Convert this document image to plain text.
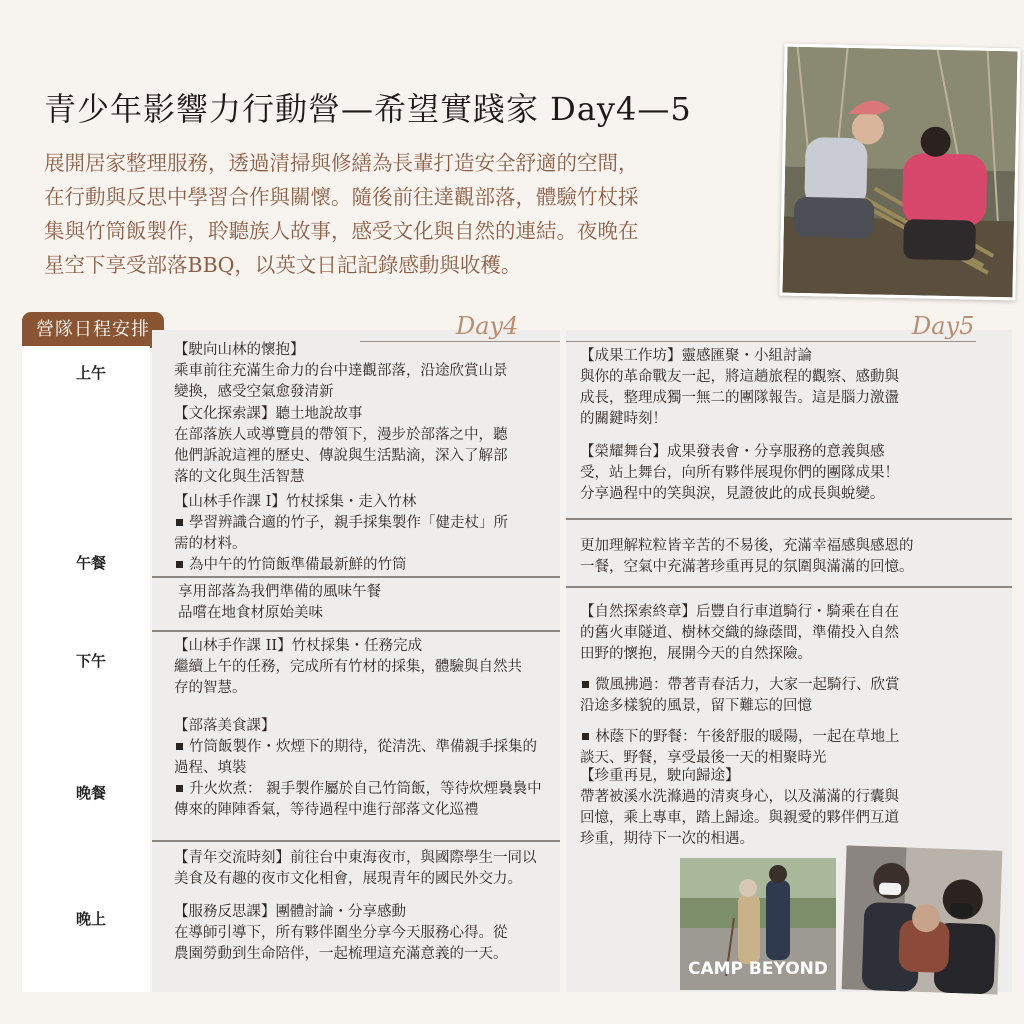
青少年影響力行動營—希望實踐家 Day4—5

展開居家整理服務，透過清掃與修繕為長輩打造安全舒適的空間，

在行動與反思中學習合作與關懷。隨後前往達觀部落，體驗竹杖採

集與竹筒飯製作，聆聽族人故事，感受文化與自然的連結。夜晚在

星空下享受部落BBQ，以英文日記記錄感動與收穫。

營隊日程安排
上午
午餐
下午
晚餐
晚上
Day4

【駛向山林的懷抱】

乘車前往充滿生命力的台中達觀部落，沿途欣賞山景

變換，感受空氣愈發清新

【文化探索課】聽土地說故事

在部落族人或導覽員的帶領下，漫步於部落之中，聽

他們訴說這裡的歷史、傳說與生活點滴，深入了解部

落的文化與生活智慧

【山林手作課 I】竹杖採集・走入竹林

學習辨識合適的竹子，親手採集製作「健走杖」所

需的材料。

為中午的竹筒飯準備最新鮮的竹筒

享用部落為我們準備的風味午餐

品嚐在地食材原始美味

【山林手作課 II】竹杖採集・任務完成

繼續上午的任務，完成所有竹材的採集，體驗與自然共

存的智慧。

【部落美食課】

竹筒飯製作・炊煙下的期待，從清洗、準備親手採集的

過程、填裝

升火炊煮： 親手製作屬於自己竹筒飯，等待炊煙裊裊中

傳來的陣陣香氣，等待過程中進行部落文化巡禮

【青年交流時刻】前往台中東海夜市，與國際學生一同以

美食及有趣的夜市文化相會，展現青年的國民外交力。

【服務反思課】團體討論・分享感動

在導師引導下，所有夥伴圍坐分享今天服務心得。從

農園勞動到生命陪伴，一起梳理這充滿意義的一天。

Day5

【成果工作坊】靈感匯聚・小組討論

與你的革命戰友一起，將這趟旅程的觀察、感動與

成長，整理成獨一無二的團隊報告。這是腦力激盪

的關鍵時刻！

【榮耀舞台】成果發表會・分享服務的意義與感

受，站上舞台，向所有夥伴展現你們的團隊成果！

分享過程中的笑與淚，見證彼此的成長與蛻變。

更加理解粒粒皆辛苦的不易後，充滿幸福感與感恩的

一餐，空氣中充滿著珍重再見的氛圍與滿滿的回憶。

【自然探索終章】后豐自行車道騎行・騎乘在自在

的舊火車隧道、樹林交織的綠蔭間，準備投入自然

田野的懷抱，展開今天的自然探險。

微風拂過：帶著青春活力，大家一起騎行、欣賞

沿途多樣貌的風景，留下難忘的回憶

林蔭下的野餐：午後舒服的暖陽，一起在草地上

談天、野餐，享受最後一天的相聚時光

【珍重再見，駛向歸途】

帶著被溪水洗滌過的清爽身心，以及滿滿的行囊與

回憶，乘上專車，踏上歸途。與親愛的夥伴們互道

珍重，期待下一次的相遇。

CAMP BEYOND
